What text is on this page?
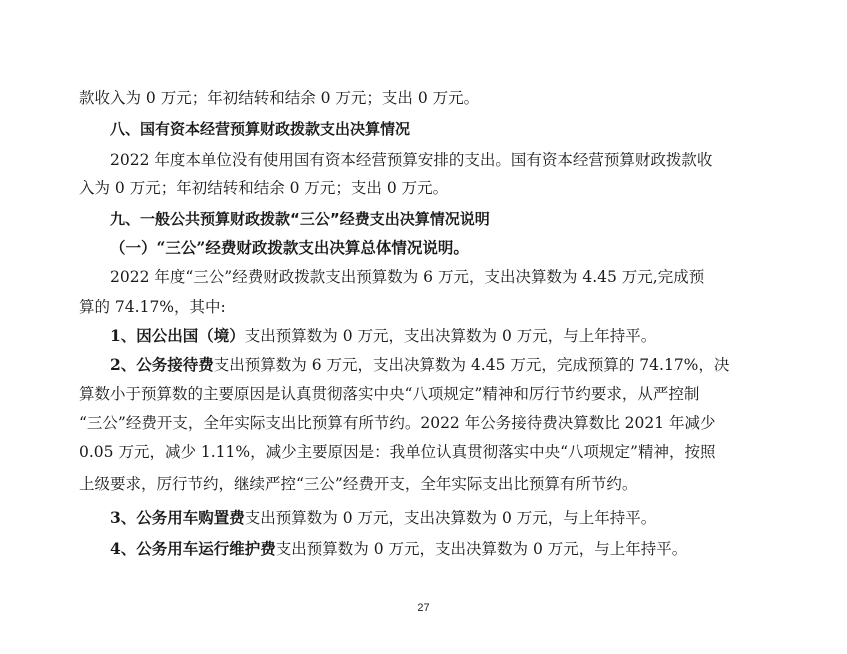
款收入为 0 万元；年初结转和结余 0 万元；支出 0 万元。
八、国有资本经营预算财政拨款支出决算情况
2022 年度本单位没有使用国有资本经营预算安排的支出。国有资本经营预算财政拨款收
入为 0 万元；年初结转和结余 0 万元；支出 0 万元。
九、一般公共预算财政拨款“三公”经费支出决算情况说明
（一）“三公”经费财政拨款支出决算总体情况说明。
2022 年度“三公”经费财政拨款支出预算数为 6 万元，支出决算数为 4.45 万元,完成预
算的 74.17%，其中:
1、因公出国（境）支出预算数为 0 万元，支出决算数为 0 万元，与上年持平。
2、公务接待费支出预算数为 6 万元，支出决算数为 4.45 万元，完成预算的 74.17%，决
算数小于预算数的主要原因是认真贯彻落实中央“八项规定”精神和厉行节约要求，从严控制
“三公”经费开支，全年实际支出比预算有所节约。2022 年公务接待费决算数比 2021 年减少
0.05 万元，减少 1.11%，减少主要原因是：我单位认真贯彻落实中央“八项规定”精神，按照
上级要求，厉行节约，继续严控“三公”经费开支，全年实际支出比预算有所节约。
3、公务用车购置费支出预算数为 0 万元，支出决算数为 0 万元，与上年持平。
4、公务用车运行维护费支出预算数为 0 万元，支出决算数为 0 万元，与上年持平。
27
